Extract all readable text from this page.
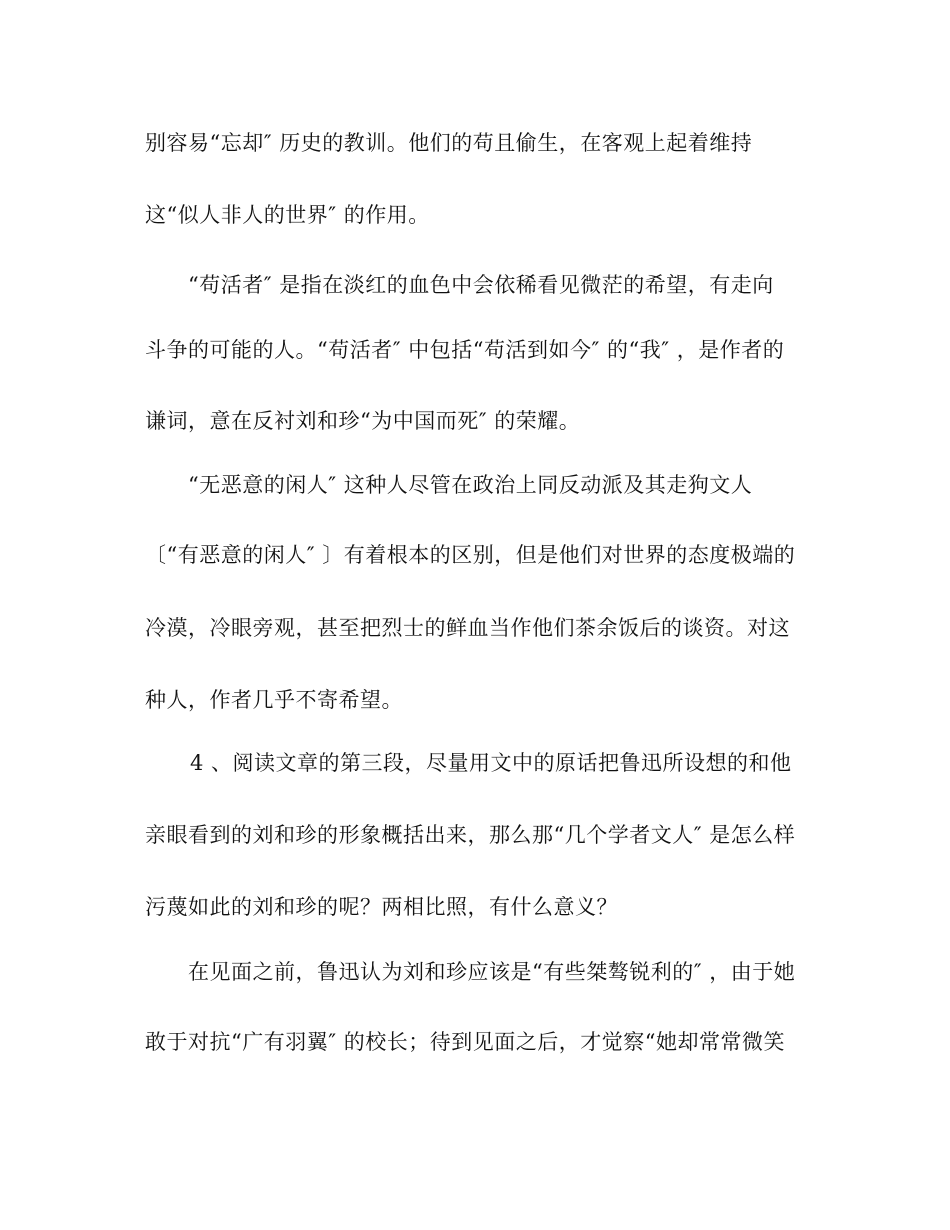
别容易“忘却″ 历史的教训。他们的苟且偷生，在客观上起着维持
这“似人非人的世界″ 的作用。
“苟活者″ 是指在淡红的血色中会依稀看见微茫的希望，有走向
斗争的可能的人。“苟活者″ 中包括“苟活到如今″ 的“我″ ，是作者的
谦词，意在反衬刘和珍“为中国而死″ 的荣耀。
“无恶意的闲人″ 这种人尽管在政治上同反动派及其走狗文人
〔“有恶意的闲人″ 〕有着根本的区别，但是他们对世界的态度极端的
冷漠，冷眼旁观，甚至把烈士的鲜血当作他们茶余饭后的谈资。对这
种人，作者几乎不寄希望。
4 、阅读文章的第三段，尽量用文中的原话把鲁迅所设想的和他
亲眼看到的刘和珍的形象概括出来，那么那“几个学者文人″ 是怎么样
污蔑如此的刘和珍的呢？两相比照，有什么意义？
在见面之前，鲁迅认为刘和珍应该是“有些桀骜锐利的″ ，由于她
敢于对抗“广有羽翼″ 的校长；待到见面之后，才觉察“她却常常微笑
